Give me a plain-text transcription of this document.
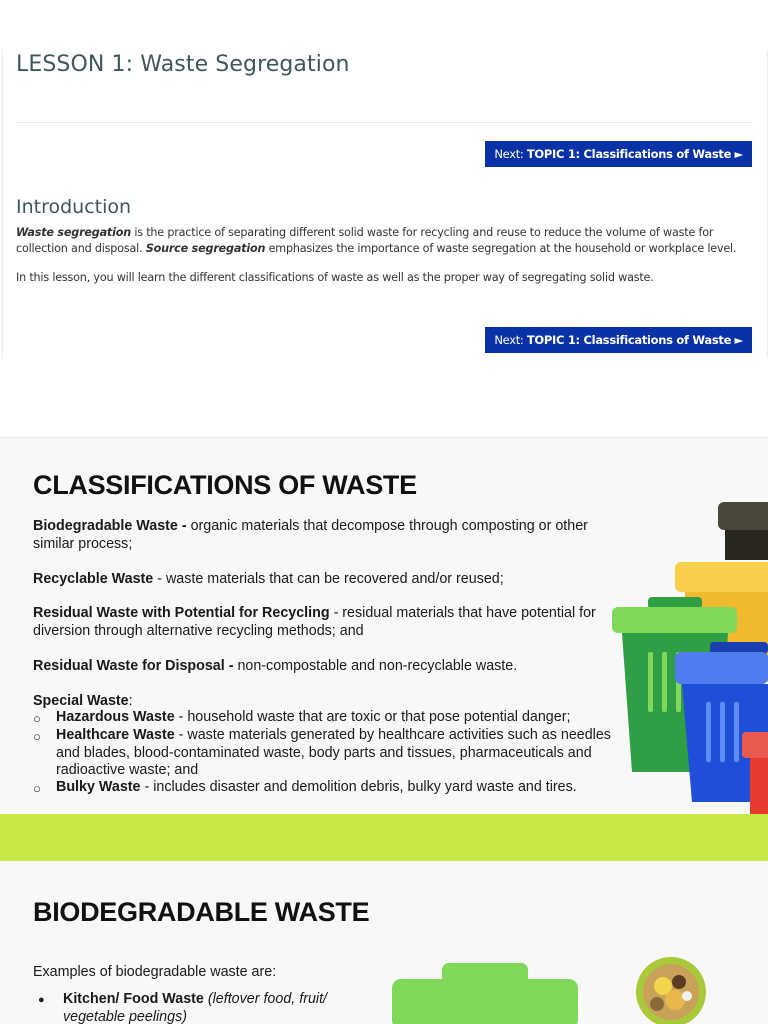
LESSON 1: Waste Segregation
Next: TOPIC 1: Classifications of Waste ►
Introduction
Waste segregation is the practice of separating different solid waste for recycling and reuse to reduce the volume of waste for collection and disposal. Source segregation emphasizes the importance of waste segregation at the household or workplace level.
In this lesson, you will learn the different classifications of waste as well as the proper way of segregating solid waste.
Next: TOPIC 1: Classifications of Waste ►
CLASSIFICATIONS OF WASTE
Biodegradable Waste - organic materials that decompose through composting or other similar process;
Recyclable Waste - waste materials that can be recovered and/or reused;
Residual Waste with Potential for Recycling - residual materials that have potential for diversion through alternative recycling methods; and
Residual Waste for Disposal - non-compostable and non-recyclable waste.
Special Waste:
○ Hazardous Waste - household waste that are toxic or that pose potential danger;
○ Healthcare Waste - waste materials generated by healthcare activities such as needles and blades, blood-contaminated waste, body parts and tissues, pharmaceuticals and radioactive waste; and
○ Bulky Waste - includes disaster and demolition debris, bulky yard waste and tires.
BIODEGRADABLE WASTE
Examples of biodegradable waste are:
● Kitchen/ Food Waste (leftover food, fruit/ vegetable peelings)
